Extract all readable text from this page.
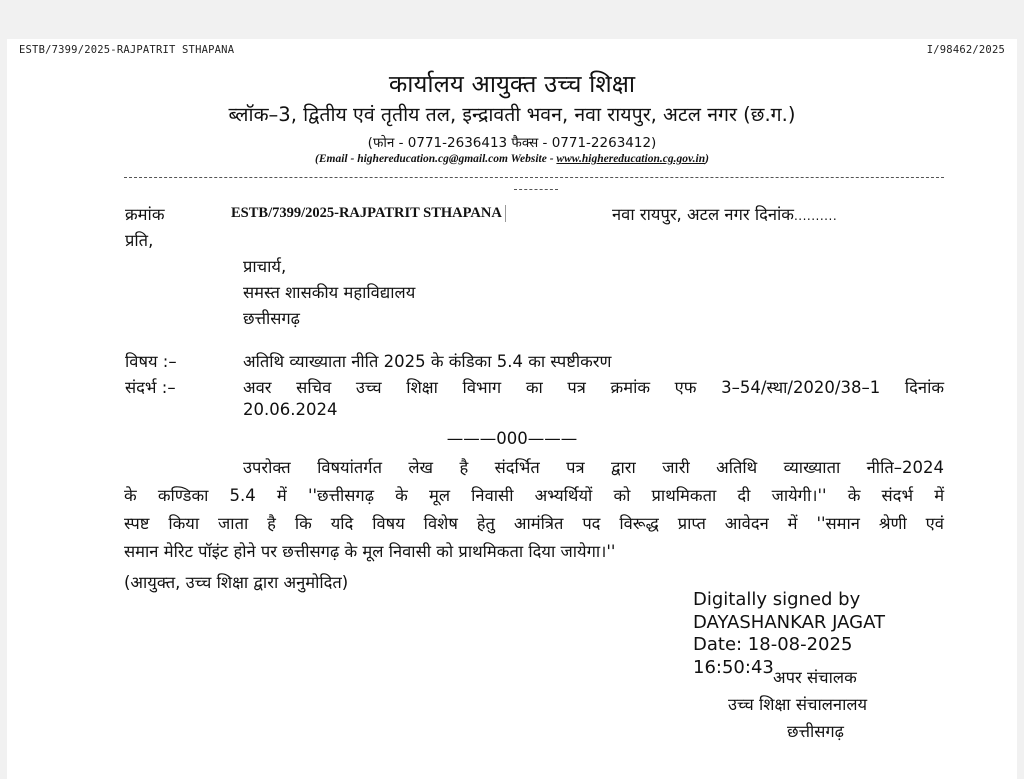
ESTB/7399/2025-RAJPATRIT STHAPANA	I/98462/2025
कार्यालय आयुक्त उच्च शिक्षा
ब्लॉक–3, द्वितीय एवं तृतीय तल, इन्द्रावती भवन, नवा रायपुर, अटल नगर (छ.ग.)
(फोन - 0771-2636413 फैक्स - 0771-2263412)
(Email - highereducation.cg@gmail.com Website - www.highereducation.cg.gov.in)
क्रमांक	ESTB/7399/2025-RAJPATRIT STHAPANA	नवा रायपुर, अटल नगर दिनांक..........
प्रति,
प्राचार्य,
समस्त शासकीय महाविद्यालय
छत्तीसगढ़
विषय :–	अतिथि व्याख्याता नीति 2025 के कंडिका 5.4 का स्पष्टीकरण
संदर्भ :–	अवर सचिव उच्च शिक्षा विभाग का पत्र क्रमांक एफ 3–54/स्था/2020/38–1 दिनांक
20.06.2024
———000———
उपरोक्त विषयांतर्गत लेख है संदर्भित पत्र द्वारा जारी अतिथि व्याख्याता नीति–2024
के कण्डिका 5.4 में ''छत्तीसगढ़ के मूल निवासी अभ्यर्थियों को प्राथमिकता दी जायेगी।'' के संदर्भ में
स्पष्ट किया जाता है कि यदि विषय विशेष हेतु आमंत्रित पद विरूद्ध प्राप्त आवेदन में ''समान श्रेणी एवं
समान मेरिट पॉइंट होने पर छत्तीसगढ़ के मूल निवासी को प्राथमिकता दिया जायेगा।''
(आयुक्त, उच्च शिक्षा द्वारा अनुमोदित)
अपर संचालक
उच्च शिक्षा संचालनालय
छत्तीसगढ़
Digitally signed by
DAYASHANKAR JAGAT
Date: 18-08-2025
16:50:43
